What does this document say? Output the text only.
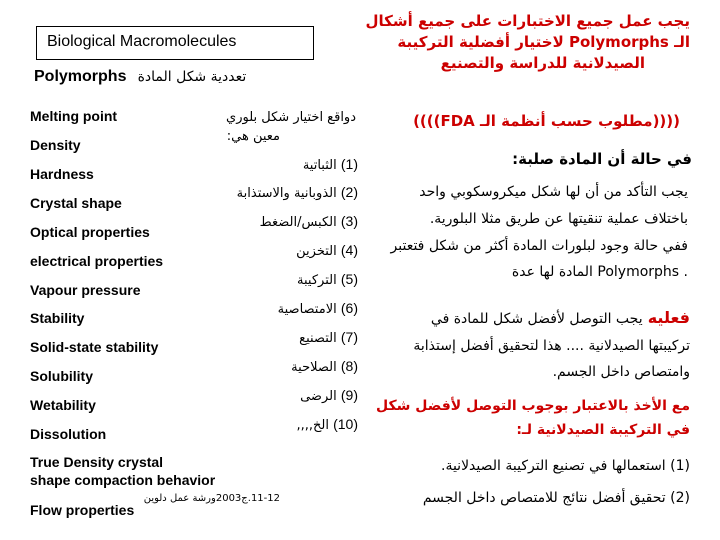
Biological Macromolecules
Polymorphs تعددية شكل المادة
Melting point
Density
Hardness
Crystal shape
Optical properties
electrical properties
Vapour pressure
Stability
Solid-state stability
Solubility
Wetability
Dissolution
True Density crystal
shape compaction behavior
Flow properties
دواقع اختيار شكل بلوري
معين هي:
(1) الثباتية
(2) الذوبانية والاستذابة
(3) الكبس/الضغط
(4) التخزين
(5) التركيبة
(6) الامتصاصية
(7) التصنيع
(8) الصلاحية
(9) الرضى
(10) الخ,,,,
يجب عمل جميع الاختبارات على جميع أشكال
الـ Polymorphs لاختيار أفضلية التركيبة
الصيدلانية للدراسة والتصنيع
((((مطلوب حسب أنظمة الـ FDA))))
في حالة أن المادة صلبة:
يجب التأكد من أن لها شكل ميكروسكوبي واحد
باختلاف عملية تنقيتها عن طريق مثلا البلورية.
ففي حالة وجود لبلورات المادة أكثر من شكل فتعتبر
. Polymorphs المادة لها عدة
فعليه يجب التوصل لأفضل شكل للمادة في
تركيبتها الصيدلانية .... هذا لتحقيق أفضل إستذابة
وامتصاص داخل الجسم.
مع الأخذ بالاعتبار بوجوب التوصل لأفضل شكل
في التركيبة الصيدلانية لـ:
(1) استعمالها في تصنيع التركيبة الصيدلانية.
(2) تحقيق أفضل نتائج للامتصاص داخل الجسم
11-12.ج2003ورشة عمل دلوين
